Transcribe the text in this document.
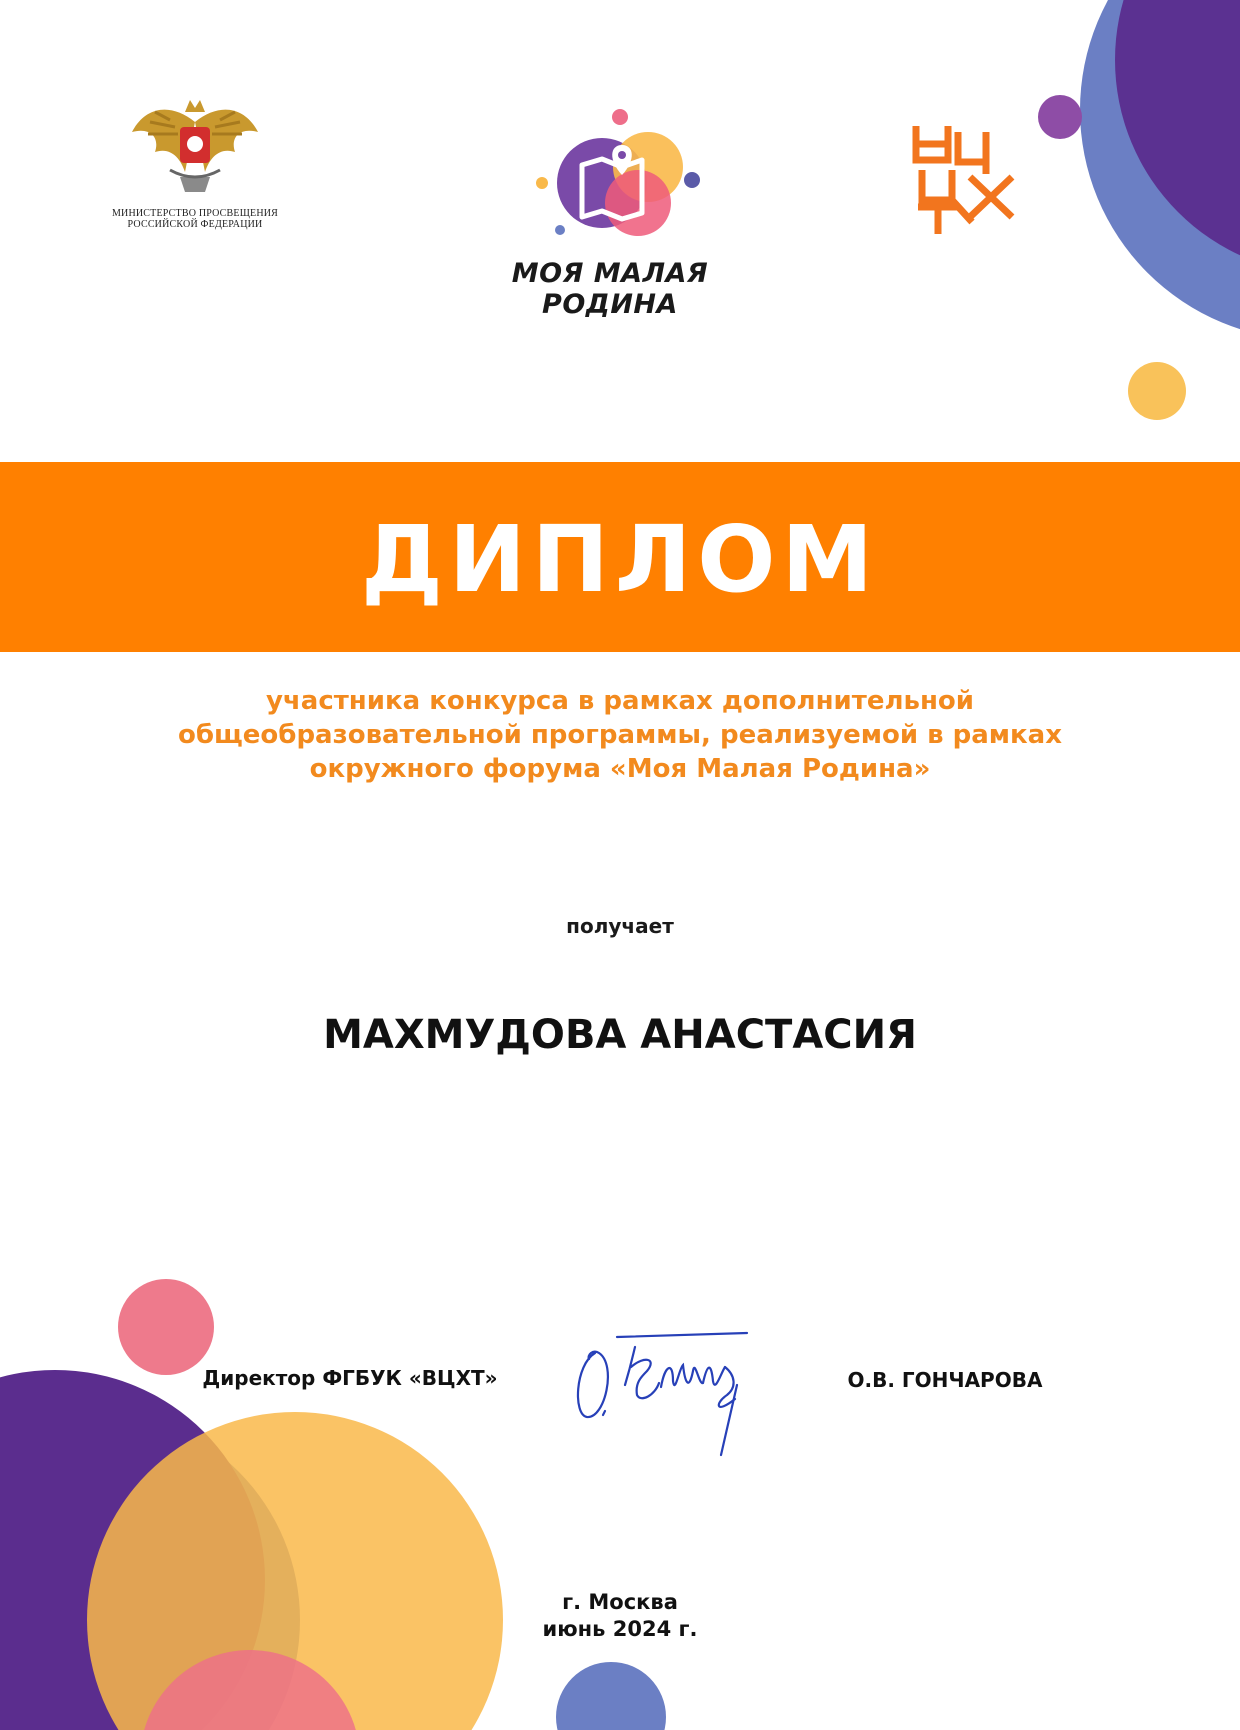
МИНИСТЕРСТВО ПРОСВЕЩЕНИЯ
РОССИЙСКОЙ ФЕДЕРАЦИИ
МОЯ МАЛАЯ РОДИНА
ДИПЛОМ
участника конкурса в рамках дополнительной общеобразовательной программы, реализуемой в рамках окружного форума «Моя Малая Родина»
получает
МАХМУДОВА АНАСТАСИЯ
Директор ФГБУК «ВЦХТ»	О.В. ГОНЧАРОВА
г. Москва
июнь 2024 г.
